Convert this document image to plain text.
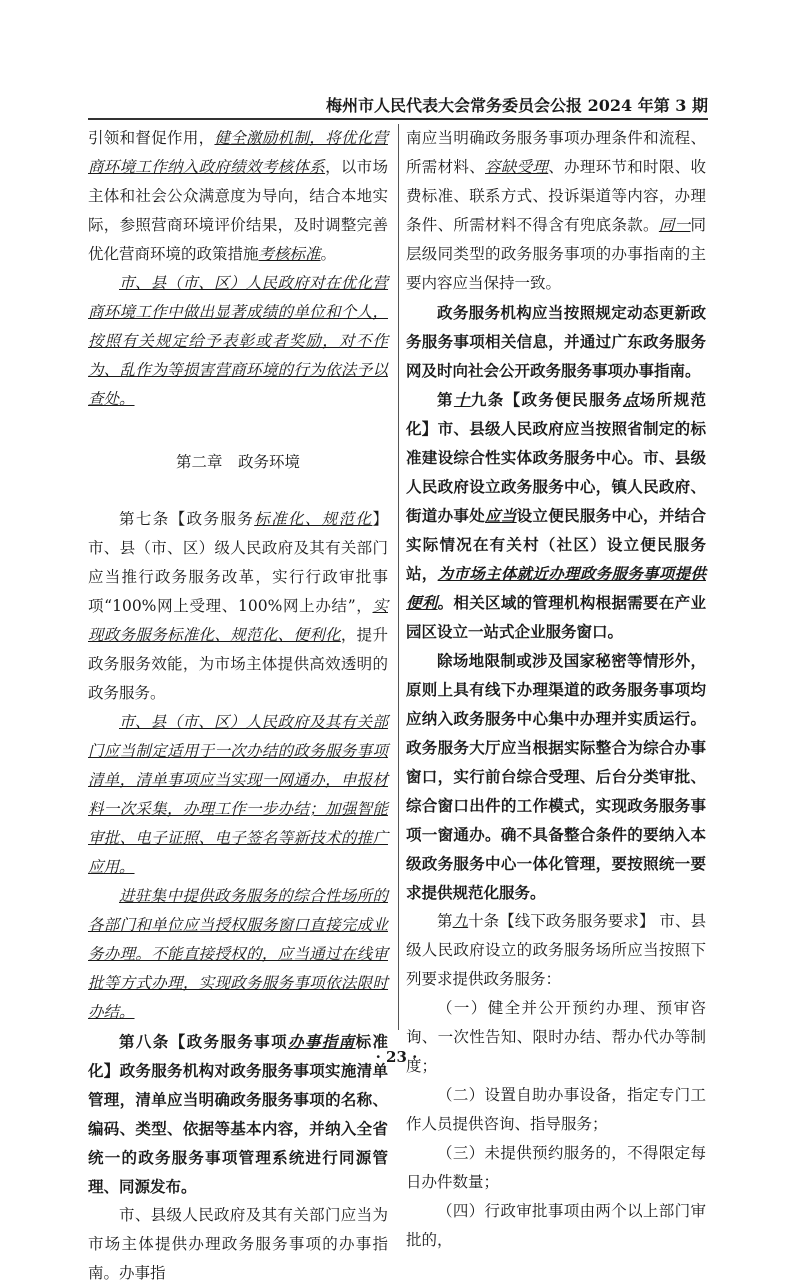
梅州市人民代表大会常务委员会公报 2024 年第 3 期

引领和督促作用，健全激励机制，将优化营商环境工作纳入政府绩效考核体系，以市场主体和社会公众满意度为导向，结合本地实际，参照营商环境评价结果，及时调整完善优化营商环境的政策措施考核标准。

市、县（市、区）人民政府对在优化营商环境工作中做出显著成绩的单位和个人，按照有关规定给予表彰或者奖励，对不作为、乱作为等损害营商环境的行为依法予以查处。

第二章　政务环境

第七条【政务服务标准化、规范化】市、县（市、区）级人民政府及其有关部门应当推行政务服务改革，实行行政审批事项“100%网上受理、100%网上办结”，实现政务服务标准化、规范化、便利化，提升政务服务效能，为市场主体提供高效透明的政务服务。

市、县（市、区）人民政府及其有关部门应当制定适用于一次办结的政务服务事项清单，清单事项应当实现一网通办，申报材料一次采集，办理工作一步办结；加强智能审批、电子证照、电子签名等新技术的推广应用。

进驻集中提供政务服务的综合性场所的各部门和单位应当授权服务窗口直接完成业务办理。不能直接授权的，应当通过在线审批等方式办理，实现政务服务事项依法限时办结。

第八条【政务服务事项办事指南标准化】政务服务机构对政务服务事项实施清单管理，清单应当明确政务服务事项的名称、编码、类型、依据等基本内容，并纳入全省统一的政务服务事项管理系统进行同源管理、同源发布。

市、县级人民政府及其有关部门应当为市场主体提供办理政务服务事项的办事指南。办事指

南应当明确政务服务事项办理条件和流程、所需材料、容缺受理、办理环节和时限、收费标准、联系方式、投诉渠道等内容，办理条件、所需材料不得含有兜底条款。同一同层级同类型的政务服务事项的办事指南的主要内容应当保持一致。

政务服务机构应当按照规定动态更新政务服务事项相关信息，并通过广东政务服务网及时向社会公开政务服务事项办事指南。

第十九条【政务便民服务点场所规范化】市、县级人民政府应当按照省制定的标准建设综合性实体政务服务中心。市、县级人民政府设立政务服务中心，镇人民政府、街道办事处应当设立便民服务中心，并结合实际情况在有关村（社区）设立便民服务站，为市场主体就近办理政务服务事项提供便利。相关区域的管理机构根据需要在产业园区设立一站式企业服务窗口。

除场地限制或涉及国家秘密等情形外，原则上具有线下办理渠道的政务服务事项均应纳入政务服务中心集中办理并实质运行。政务服务大厅应当根据实际整合为综合办事窗口，实行前台综合受理、后台分类审批、综合窗口出件的工作模式，实现政务服务事项一窗通办。确不具备整合条件的要纳入本级政务服务中心一体化管理，要按照统一要求提供规范化服务。

第九十条【线下政务服务要求】 市、县级人民政府设立的政务服务场所应当按照下列要求提供政务服务：

（一）健全并公开预约办理、预审咨询、一次性告知、限时办结、帮办代办等制度；

（二）设置自助办事设备，指定专门工作人员提供咨询、指导服务；

（三）未提供预约服务的，不得限定每日办件数量；

（四）行政审批事项由两个以上部门审批的，

· 23 ·
